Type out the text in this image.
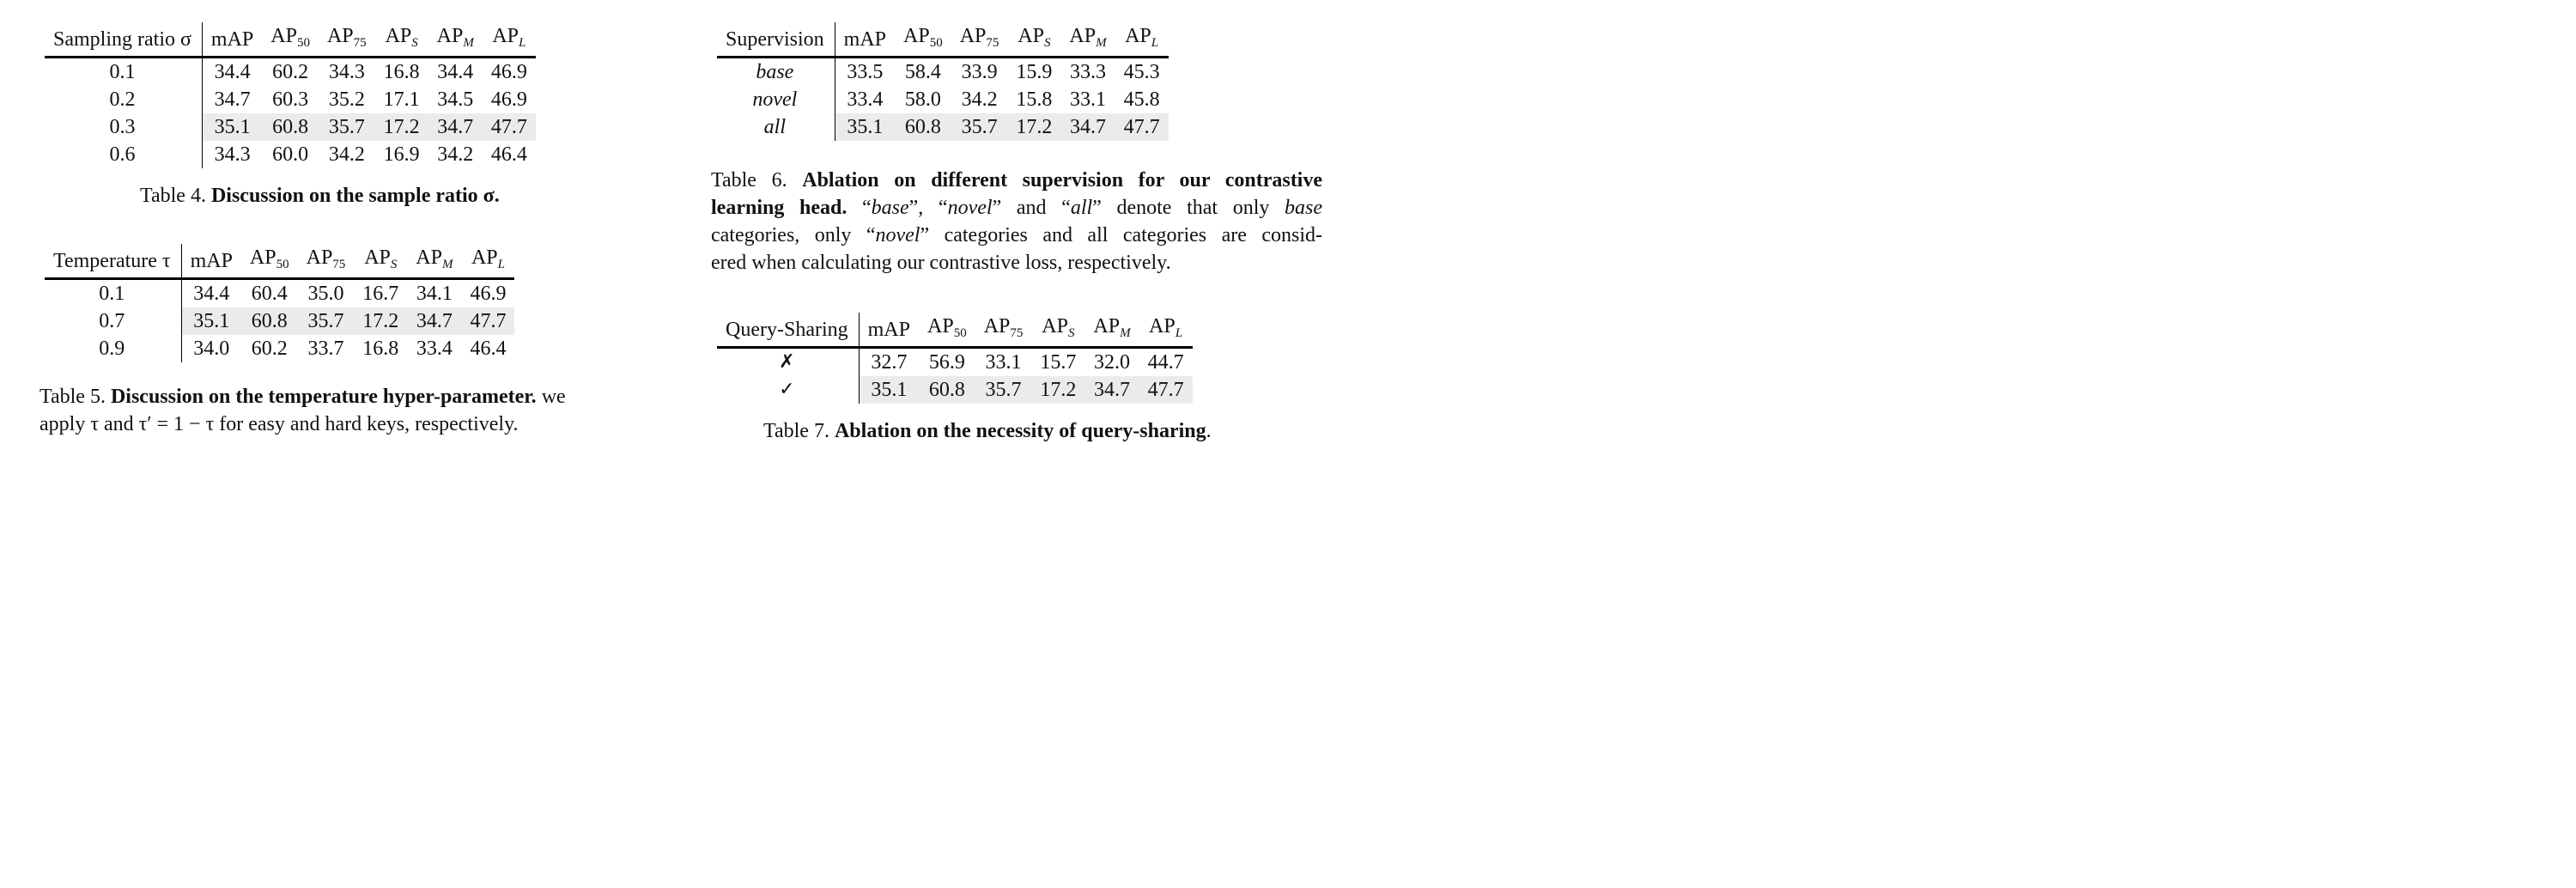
Sampling ratio σ	mAP	$AP_{50}$	$AP_{75}$	$AP_S$	$AP_M$	$AP_L$
0.1	34.4	60.2	34.3	16.8	34.4	46.9
0.2	34.7	60.3	35.2	17.1	34.5	46.9
0.3	35.1	60.8	35.7	17.2	34.7	47.7
0.6	34.3	60.0	34.2	16.9	34.2	46.4
Table 4. Discussion on the sample ratio σ.
Temperature τ	mAP	$AP_{50}$	$AP_{75}$	$AP_S$	$AP_M$	$AP_L$
0.1	34.4	60.4	35.0	16.7	34.1	46.9
0.7	35.1	60.8	35.7	17.2	34.7	47.7
0.9	34.0	60.2	33.7	16.8	33.4	46.4
Table 5. Discussion on the temperature hyper-parameter. we
apply τ and τ′ = 1 − τ for easy and hard keys, respectively.
Supervision	mAP	$AP_{50}$	$AP_{75}$	$AP_S$	$AP_M$	$AP_L$
base	33.5	58.4	33.9	15.9	33.3	45.3
novel	33.4	58.0	34.2	15.8	33.1	45.8
all	35.1	60.8	35.7	17.2	34.7	47.7
Table 6. Ablation on different supervision for our contrastive
learning head. “base”, “novel” and “all” denote that only base
categories, only “novel” categories and all categories are consid-
ered when calculating our contrastive loss, respectively.
Query-Sharing	mAP	$AP_{50}$	$AP_{75}$	$AP_S$	$AP_M$	$AP_L$
✗	32.7	56.9	33.1	15.7	32.0	44.7
✓	35.1	60.8	35.7	17.2	34.7	47.7
Table 7. Ablation on the necessity of query-sharing.
